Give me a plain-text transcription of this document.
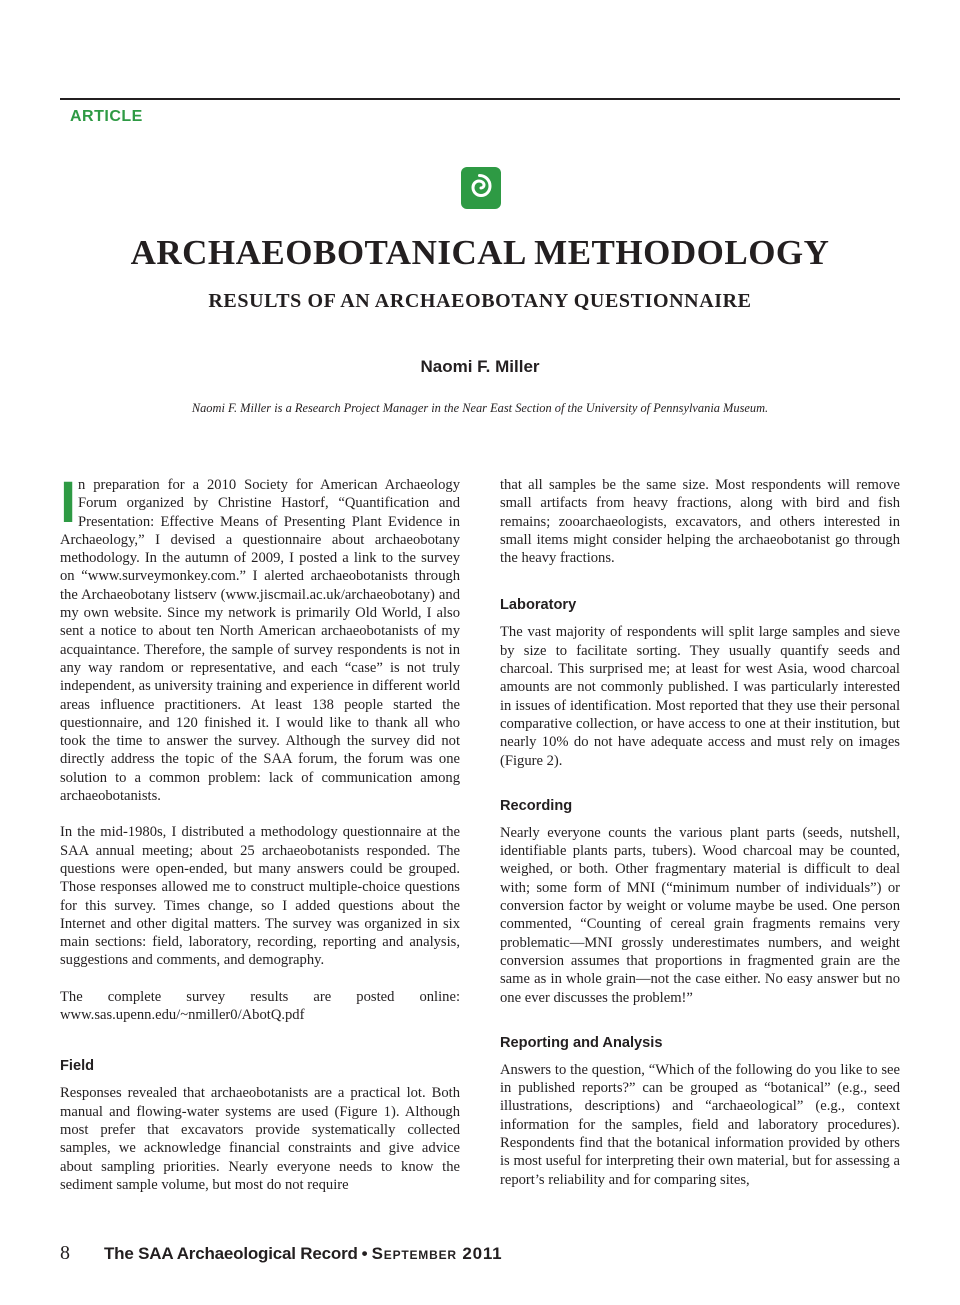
ARTICLE
ARCHAEOBOTANICAL METHODOLOGY
RESULTS OF AN ARCHAEOBOTANY QUESTIONNAIRE
Naomi F. Miller
Naomi F. Miller is a Research Project Manager in the Near East Section of the University of Pennsylvania Museum.

In preparation for a 2010 Society for American Archaeology Forum organized by Christine Hastorf, “Quantification and Presentation: Effective Means of Presenting Plant Evidence in Archaeology,” I devised a questionnaire about archaeobotany methodology. In the autumn of 2009, I posted a link to the survey on “www.surveymonkey.com.” I alerted archaeobotanists through the Archaeobotany listserv (www.jiscmail.ac.uk/archaeobotany) and my own website. Since my network is primarily Old World, I also sent a notice to about ten North American archaeobotanists of my acquaintance. Therefore, the sample of survey respondents is not in any way random or representative, and each “case” is not truly independent, as university training and experience in different world areas influence practitioners. At least 138 people started the questionnaire, and 120 finished it. I would like to thank all who took the time to answer the survey. Although the survey did not directly address the topic of the SAA forum, the forum was one solution to a common problem: lack of communication among archaeobotanists.

In the mid-1980s, I distributed a methodology questionnaire at the SAA annual meeting; about 25 archaeobotanists responded. The questions were open-ended, but many answers could be grouped. Those responses allowed me to construct multiple-choice questions for this survey. Times change, so I added questions about the Internet and other digital matters. The survey was organized in six main sections: field, laboratory, recording, reporting and analysis, suggestions and comments, and demography.

The complete survey results are posted online: www.sas.upenn.edu/~nmiller0/AbotQ.pdf

Field

Responses revealed that archaeobotanists are a practical lot. Both manual and flowing-water systems are used (Figure 1). Although most prefer that excavators provide systematically collected samples, we acknowledge financial constraints and give advice about sampling priorities. Nearly everyone needs to know the sediment sample volume, but most do not require

that all samples be the same size. Most respondents will remove small artifacts from heavy fractions, along with bird and fish remains; zooarchaeologists, excavators, and others interested in small items might consider helping the archaeobotanist go through the heavy fractions.

Laboratory

The vast majority of respondents will split large samples and sieve by size to facilitate sorting. They usually quantify seeds and charcoal. This surprised me; at least for west Asia, wood charcoal amounts are not commonly published. I was particularly interested in issues of identification. Most reported that they use their personal comparative collection, or have access to one at their institution, but nearly 10% do not have adequate access and must rely on images (Figure 2).

Recording

Nearly everyone counts the various plant parts (seeds, nutshell, identifiable plants parts, tubers). Wood charcoal may be counted, weighed, or both. Other fragmentary material is difficult to deal with; some form of MNI (“minimum number of individuals”) or conversion factor by weight or volume maybe be used. One person commented, “Counting of cereal grain fragments remains very problematic—MNI grossly underestimates numbers, and weight conversion assumes that proportions in fragmented grain are the same as in whole grain—not the case either. No easy answer but no one ever discusses the problem!”

Reporting and Analysis

Answers to the question, “Which of the following do you like to see in published reports?” can be grouped as “botanical” (e.g., seed illustrations, descriptions) and “archaeological” (e.g., context information for the samples, field and laboratory procedures). Respondents find that the botanical information provided by others is most useful for interpreting their own material, but for assessing a report’s reliability and for comparing sites,

8 The SAA Archaeological Record • September 2011
